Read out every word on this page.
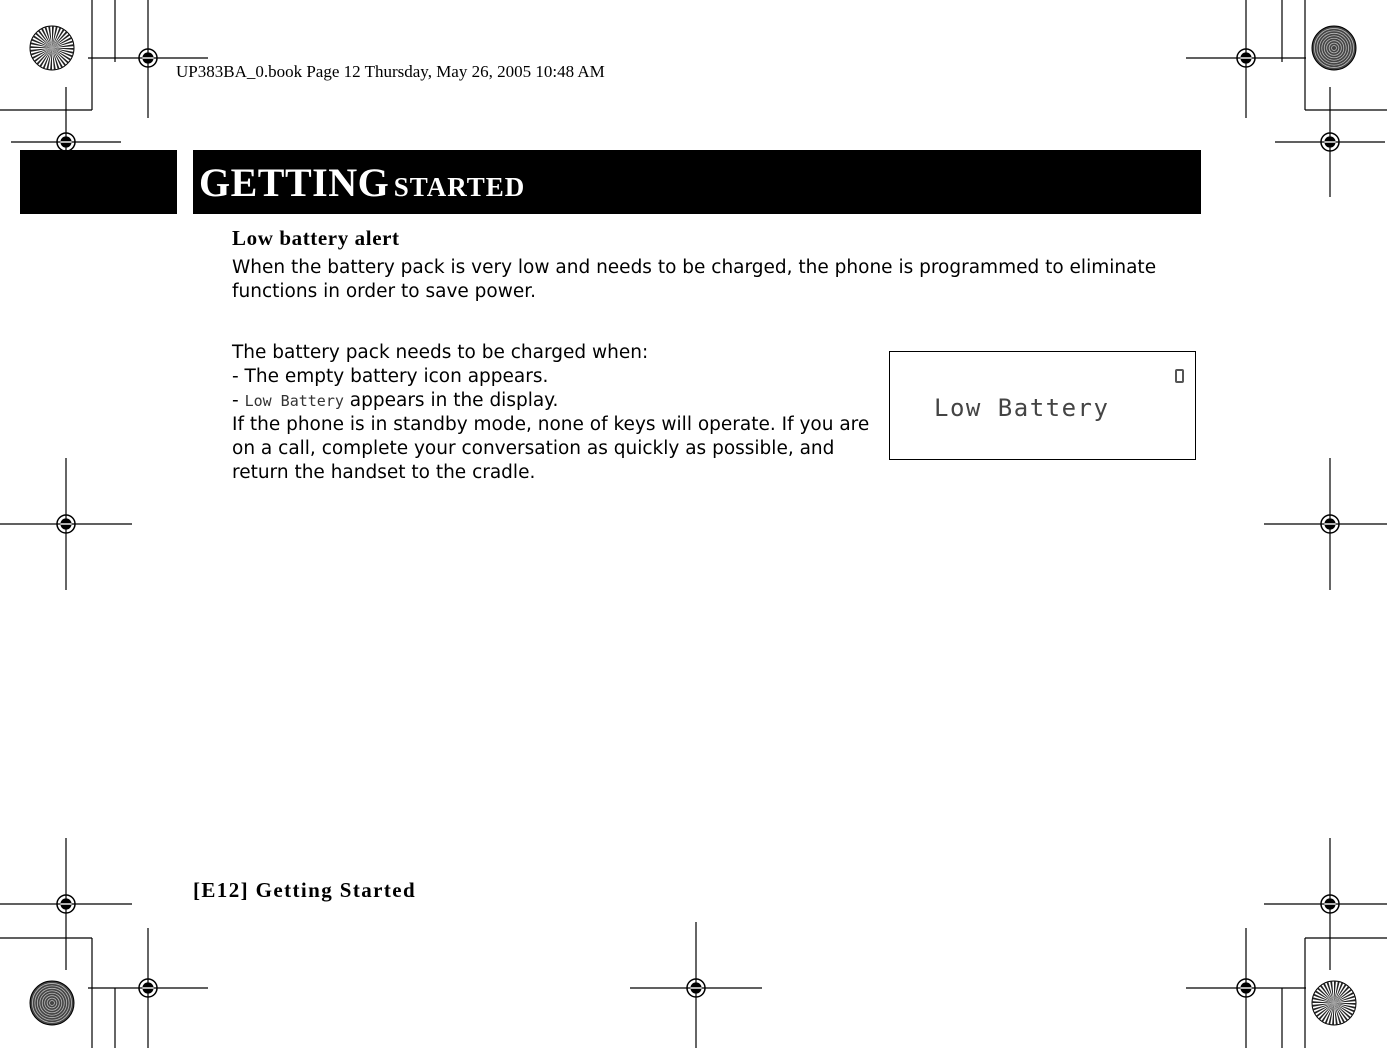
UP383BA_0.book Page 12 Thursday, May 26, 2005 10:48 AM
GETTING STARTED
Low battery alert

When the battery pack is very low and needs to be charged, the phone is programmed to eliminate functions in order to save power.

The battery pack needs to be charged when:
- The empty battery icon appears.
- Low Battery appears in the display.
If the phone is in standby mode, none of keys will operate. If you are on a call, complete your conversation as quickly as possible, and return the handset to the cradle.
Low Battery
[E12] Getting Started
